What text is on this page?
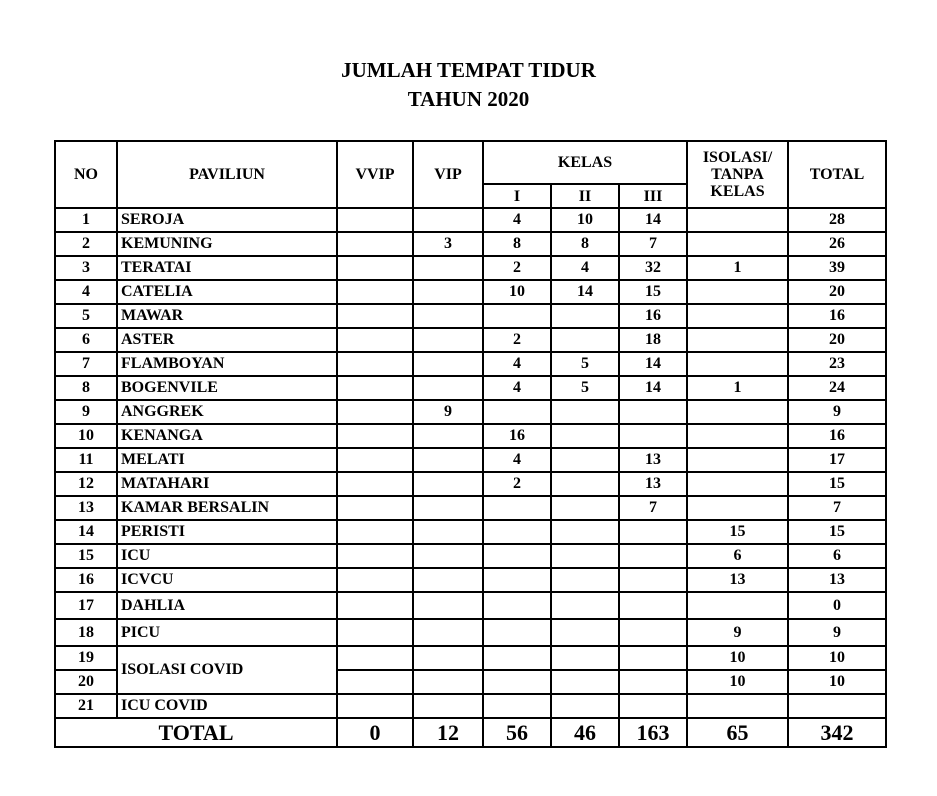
JUMLAH TEMPAT TIDUR
TAHUN 2020
NO	PAVILIUN	VVIP	VIP	KELAS			ISOLASI/ TANPA KELAS	TOTAL
				I	II	III		
1	SEROJA			4	10	14		28
2	KEMUNING		3	8	8	7		26
3	TERATAI			2	4	32	1	39
4	CATELIA			10	14	15		20
5	MAWAR					16		16
6	ASTER			2		18		20
7	FLAMBOYAN			4	5	14		23
8	BOGENVILE			4	5	14	1	24
9	ANGGREK		9					9
10	KENANGA			16				16
11	MELATI			4		13		17
12	MATAHARI			2		13		15
13	KAMAR BERSALIN					7		7
14	PERISTI						15	15
15	ICU						6	6
16	ICVCU						13	13
17	DAHLIA							0
18	PICU						9	9
19	ISOLASI COVID						10	10
20							10	10
21	ICU COVID							
TOTAL		0	12	56	46	163	65	342
